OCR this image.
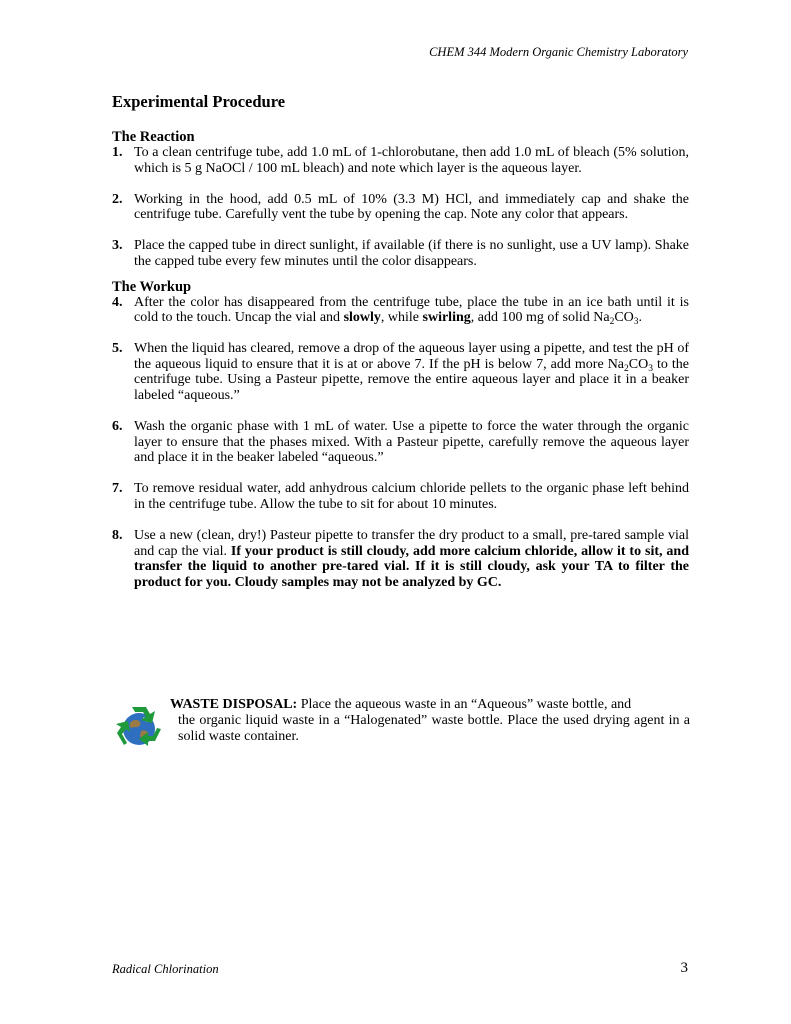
CHEM 344 Modern Organic Chemistry Laboratory
Experimental Procedure
The Reaction
1. To a clean centrifuge tube, add 1.0 mL of 1-chlorobutane, then add 1.0 mL of bleach (5% solution, which is 5 g NaOCl / 100 mL bleach) and note which layer is the aqueous layer.
2. Working in the hood, add 0.5 mL of 10% (3.3 M) HCl, and immediately cap and shake the centrifuge tube. Carefully vent the tube by opening the cap. Note any color that appears.
3. Place the capped tube in direct sunlight, if available (if there is no sunlight, use a UV lamp). Shake the capped tube every few minutes until the color disappears.
The Workup
4. After the color has disappeared from the centrifuge tube, place the tube in an ice bath until it is cold to the touch. Uncap the vial and slowly, while swirling, add 100 mg of solid $Na_2CO_3$.
5. When the liquid has cleared, remove a drop of the aqueous layer using a pipette, and test the pH of the aqueous liquid to ensure that it is at or above 7. If the pH is below 7, add more $Na_2CO_3$ to the centrifuge tube. Using a Pasteur pipette, remove the entire aqueous layer and place it in a beaker labeled “aqueous.”
6. Wash the organic phase with 1 mL of water. Use a pipette to force the water through the organic layer to ensure that the phases mixed. With a Pasteur pipette, carefully remove the aqueous layer and place it in the beaker labeled “aqueous.”
7. To remove residual water, add anhydrous calcium chloride pellets to the organic phase left behind in the centrifuge tube. Allow the tube to sit for about 10 minutes.
8. Use a new (clean, dry!) Pasteur pipette to transfer the dry product to a small, pre-tared sample vial and cap the vial. If your product is still cloudy, add more calcium chloride, allow it to sit, and transfer the liquid to another pre-tared vial. If it is still cloudy, ask your TA to filter the product for you. Cloudy samples may not be analyzed by GC.
WASTE DISPOSAL: Place the aqueous waste in an “Aqueous” waste bottle, and
the organic liquid waste in a “Halogenated” waste bottle. Place the used drying agent in a solid waste container.
Radical Chlorination	3
